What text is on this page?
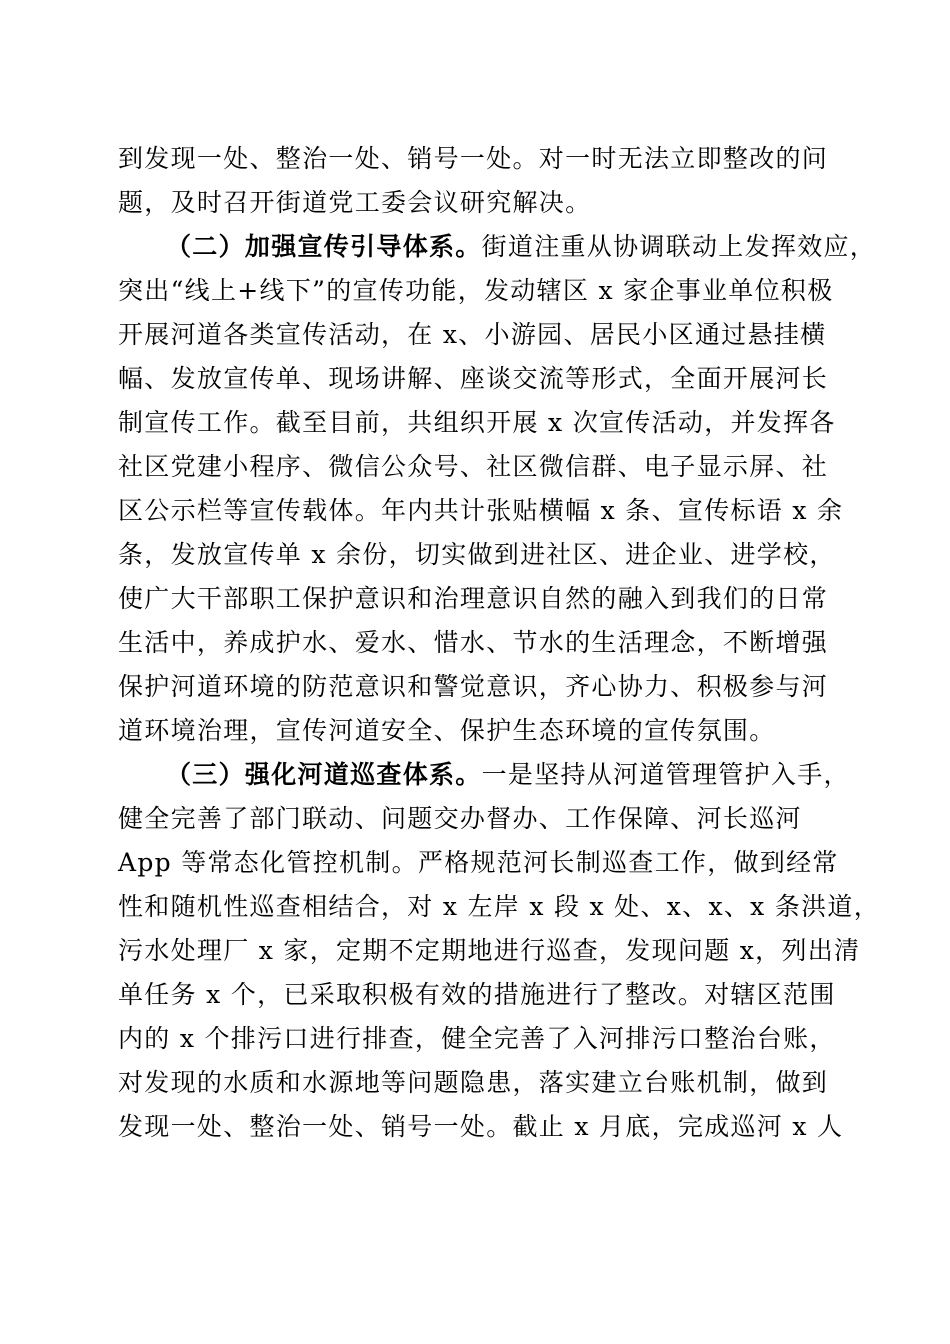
到发现一处、整治一处、销号一处。对一时无法立即整改的问
题，及时召开街道党工委会议研究解决。
（二）加强宣传引导体系。街道注重从协调联动上发挥效应，
突出“线上+线下”的宣传功能，发动辖区 x 家企事业单位积极
开展河道各类宣传活动，在 x、小游园、居民小区通过悬挂横
幅、发放宣传单、现场讲解、座谈交流等形式，全面开展河长
制宣传工作。截至目前，共组织开展 x 次宣传活动，并发挥各
社区党建小程序、微信公众号、社区微信群、电子显示屏、社
区公示栏等宣传载体。年内共计张贴横幅 x 条、宣传标语 x 余
条，发放宣传单 x 余份，切实做到进社区、进企业、进学校，
使广大干部职工保护意识和治理意识自然的融入到我们的日常
生活中，养成护水、爱水、惜水、节水的生活理念，不断增强
保护河道环境的防范意识和警觉意识，齐心协力、积极参与河
道环境治理，宣传河道安全、保护生态环境的宣传氛围。
（三）强化河道巡查体系。一是坚持从河道管理管护入手，
健全完善了部门联动、问题交办督办、工作保障、河长巡河
App 等常态化管控机制。严格规范河长制巡查工作，做到经常
性和随机性巡查相结合，对 x 左岸 x 段 x 处、x、x、x 条洪道，
污水处理厂 x 家，定期不定期地进行巡查，发现问题 x，列出清
单任务 x 个，已采取积极有效的措施进行了整改。对辖区范围
内的 x 个排污口进行排查，健全完善了入河排污口整治台账，
对发现的水质和水源地等问题隐患，落实建立台账机制，做到
发现一处、整治一处、销号一处。截止 x 月底，完成巡河 x 人
